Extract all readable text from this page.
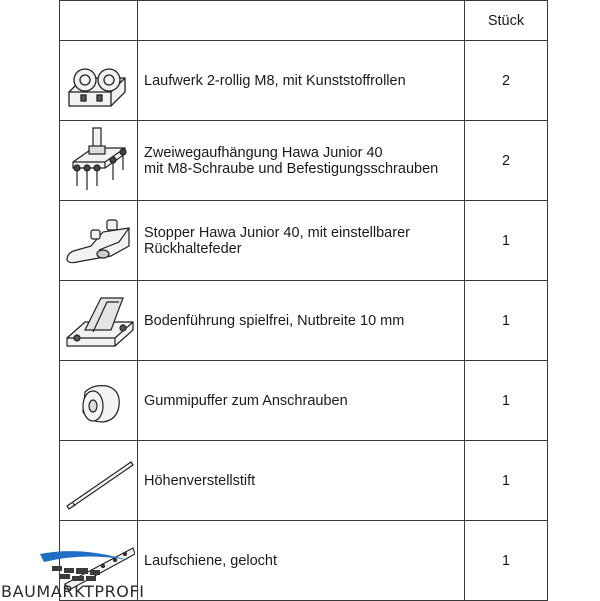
		Stück

Laufwerk 2-rollig M8, mit Kunststoffrollen	2

Zweiwegaufhängung Hawa Junior 40
mit M8-Schraube und Befestigungsschrauben	2

Stopper Hawa Junior 40, mit einstellbarer
Rückhaltefeder	1

Bodenführung spielfrei, Nutbreite 10 mm	1

Gummipuffer zum Anschrauben	1

Höhenverstellstift	1

Laufschiene, gelocht	1
BAUMARKTPROFI
